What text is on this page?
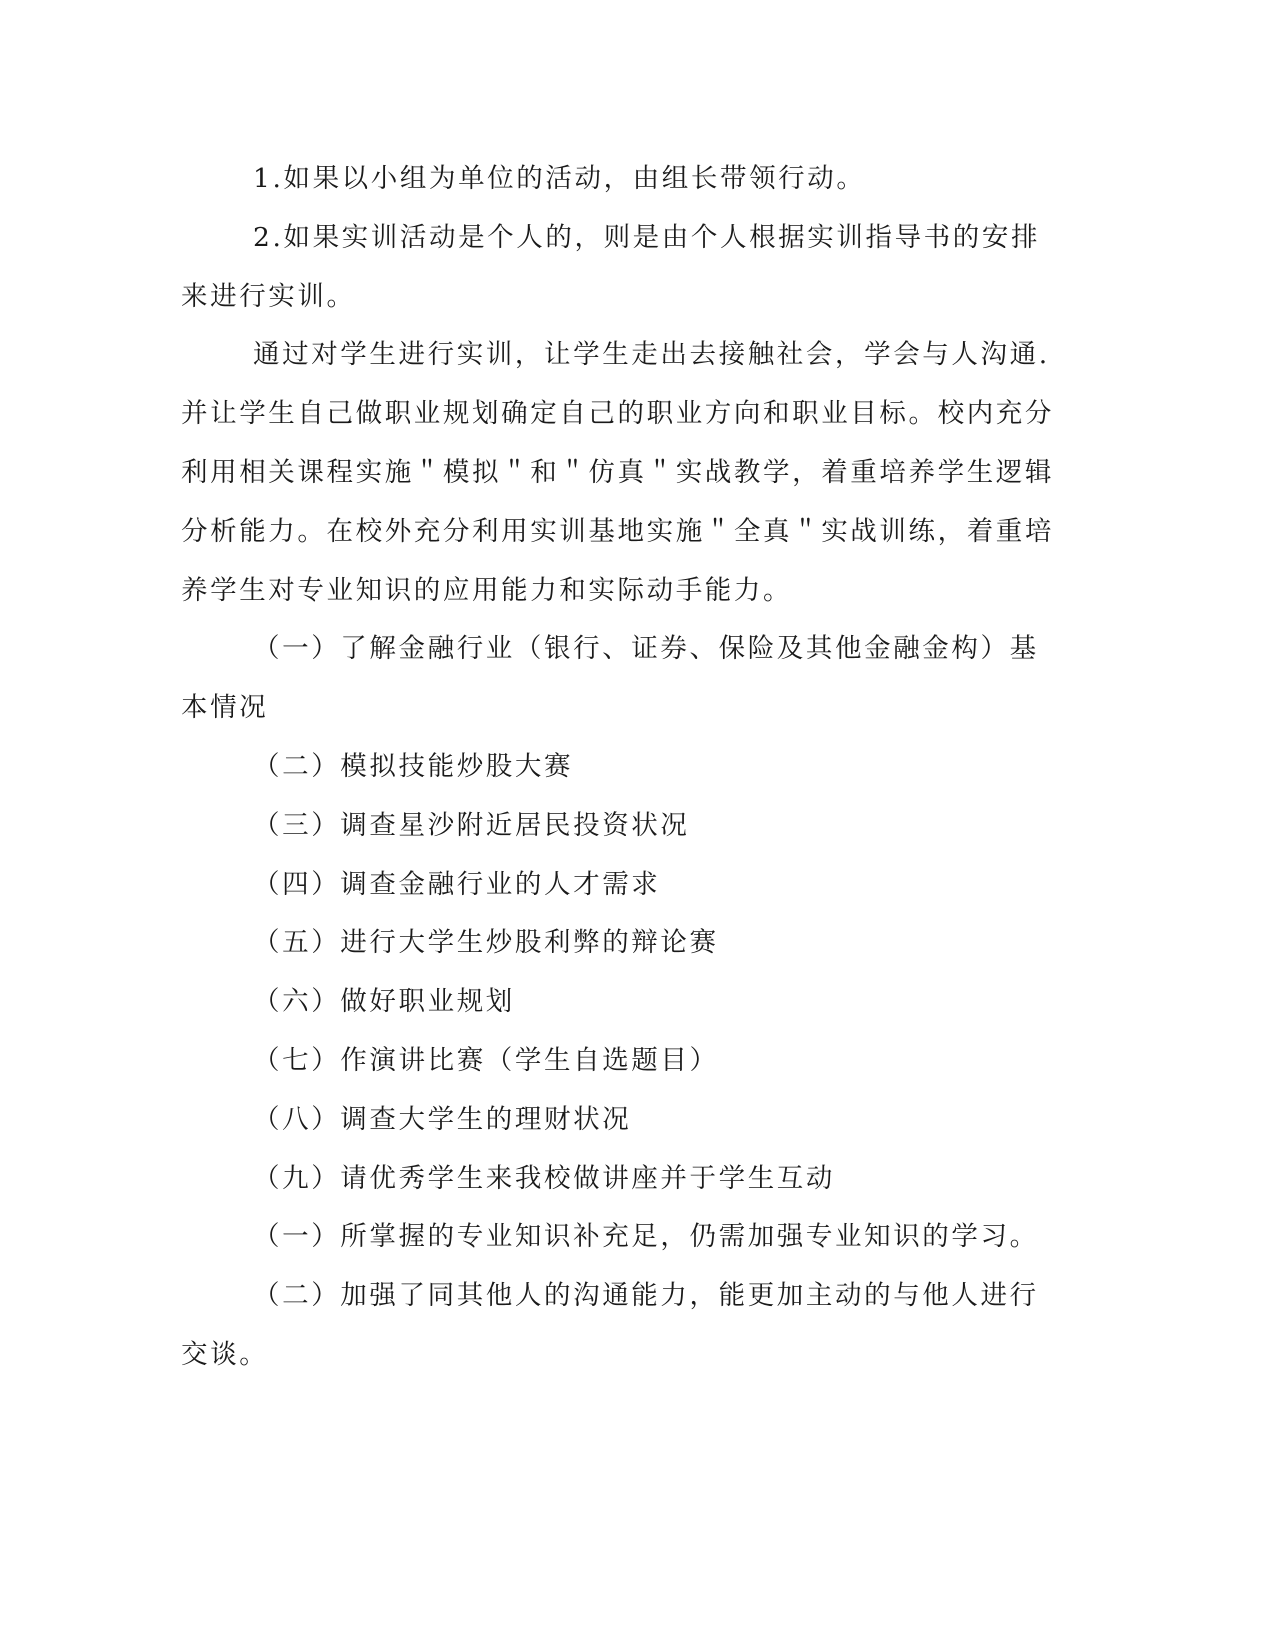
1.如果以小组为单位的活动，由组长带领行动。

2.如果实训活动是个人的，则是由个人根据实训指导书的安排来进行实训。

通过对学生进行实训，让学生走出去接触社会，学会与人沟通.并让学生自己做职业规划确定自己的职业方向和职业目标。校内充分利用相关课程实施＂模拟＂和＂仿真＂实战教学，着重培养学生逻辑分析能力。在校外充分利用实训基地实施＂全真＂实战训练，着重培养学生对专业知识的应用能力和实际动手能力。

（一）了解金融行业（银行、证券、保险及其他金融金构）基本情况

（二）模拟技能炒股大赛

（三）调查星沙附近居民投资状况

（四）调查金融行业的人才需求

（五）进行大学生炒股利弊的辩论赛

（六）做好职业规划

（七）作演讲比赛（学生自选题目）

（八）调查大学生的理财状况

（九）请优秀学生来我校做讲座并于学生互动

（一）所掌握的专业知识补充足，仍需加强专业知识的学习。

（二）加强了同其他人的沟通能力，能更加主动的与他人进行交谈。
